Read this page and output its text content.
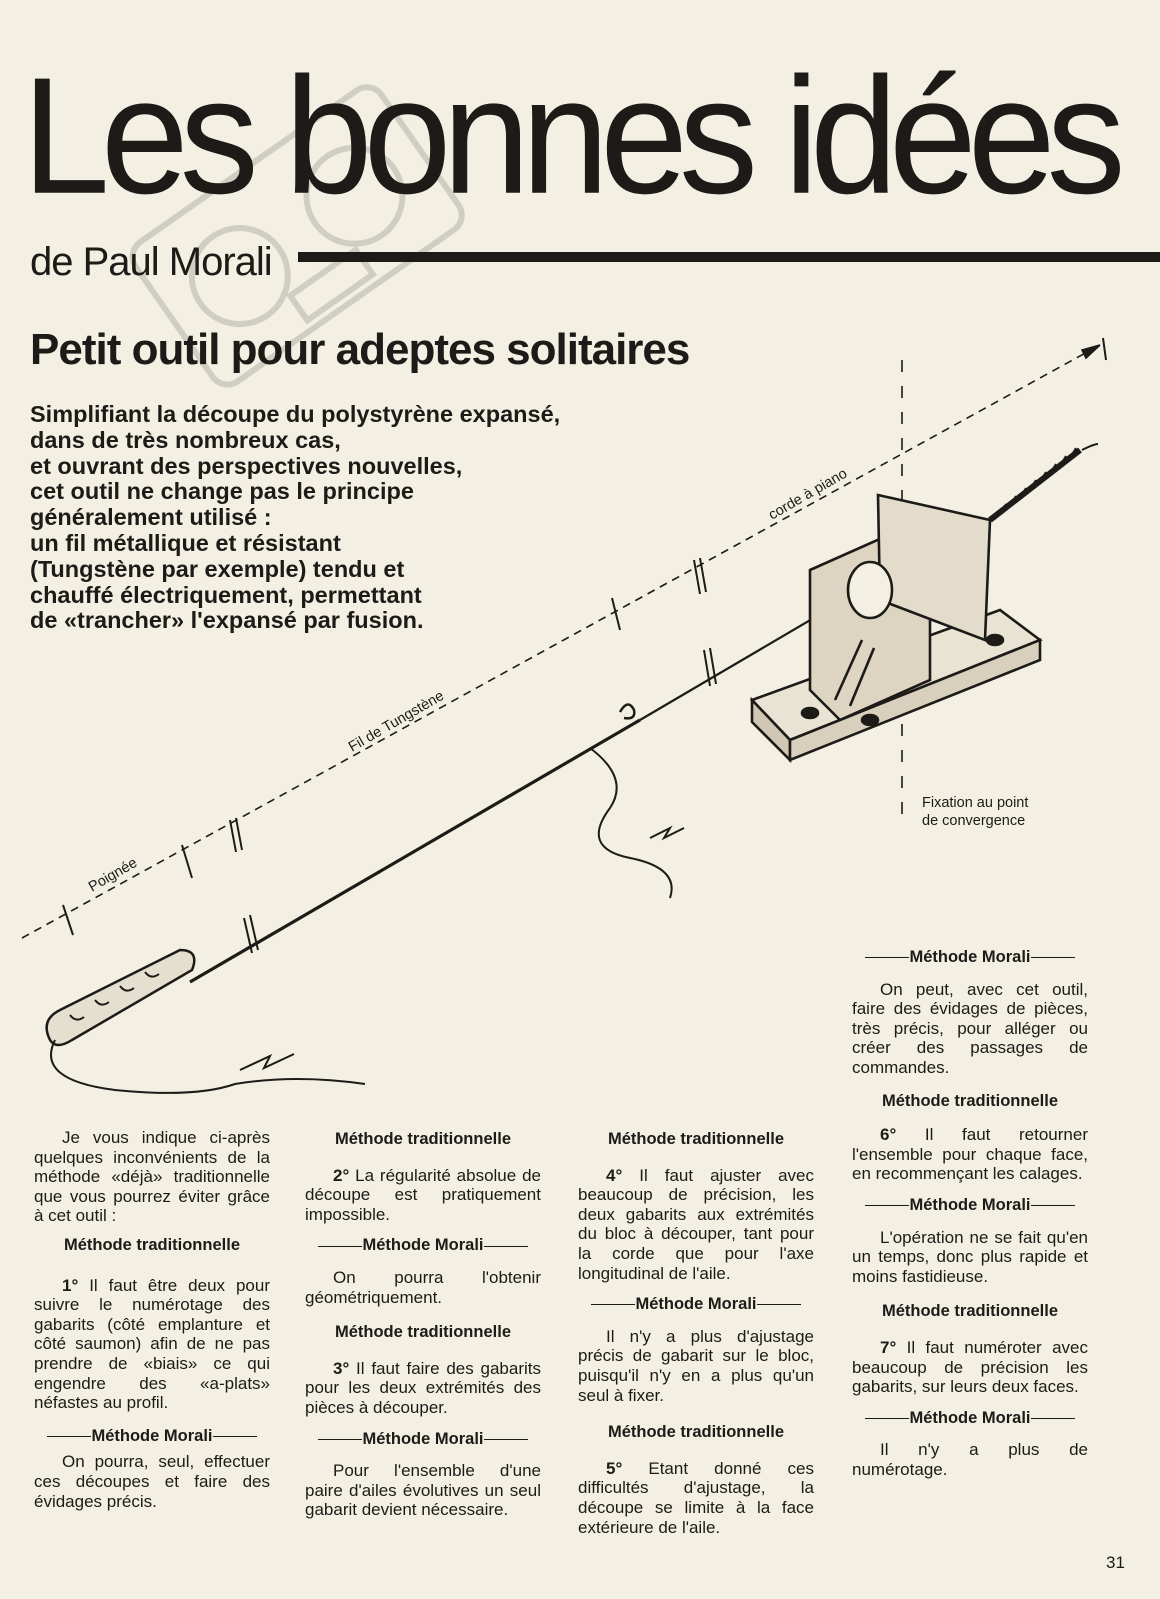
Les bonnes idées
de Paul Morali
Petit outil pour adeptes solitaires
Simplifiant la découpe du polystyrène expansé,
dans de très nombreux cas,
et ouvrant des perspectives nouvelles,
cet outil ne change pas le principe
généralement utilisé :
un fil métallique et résistant
(Tungstène par exemple) tendu et
chauffé électriquement, permettant
de «trancher» l'expansé par fusion.
corde à piano
Fil de Tungstène
Poignée
Fixation au point
de convergence

Je vous indique ci-après quelques inconvénients de la méthode «déjà» traditionnelle que vous pourrez éviter grâce à cet outil :

Méthode traditionnelle

1° Il faut être deux pour suivre le numérotage des gabarits (côté emplanture et côté saumon) afin de ne pas prendre de «biais» ce qui engendre des «a-plats» néfastes au profil.

Méthode Morali

On pourra, seul, effectuer ces découpes et faire des évidages précis.

Méthode traditionnelle

2° La régularité absolue de découpe est pratiquement impossible.

Méthode Morali

On pourra l'obtenir géométriquement.

Méthode traditionnelle

3° Il faut faire des gabarits pour les deux extrémités des pièces à découper.

Méthode Morali

Pour l'ensemble d'une paire d'ailes évolutives un seul gabarit devient nécessaire.

Méthode traditionnelle

4° Il faut ajuster avec beaucoup de précision, les deux gabarits aux extrémités du bloc à découper, tant pour la corde que pour l'axe longitudinal de l'aile.

Méthode Morali

Il n'y a plus d'ajustage précis de gabarit sur le bloc, puisqu'il n'y en a plus qu'un seul à fixer.

Méthode traditionnelle

5° Etant donné ces difficultés d'ajustage, la découpe se limite à la face extérieure de l'aile.

Méthode Morali

On peut, avec cet outil, faire des évidages de pièces, très précis, pour alléger ou créer des passages de commandes.

Méthode traditionnelle

6° Il faut retourner l'ensemble pour chaque face, en recommençant les calages.

Méthode Morali

L'opération ne se fait qu'en un temps, donc plus rapide et moins fastidieuse.

Méthode traditionnelle

7° Il faut numéroter avec beaucoup de précision les gabarits, sur leurs deux faces.

Méthode Morali

Il n'y a plus de numérotage.

31
